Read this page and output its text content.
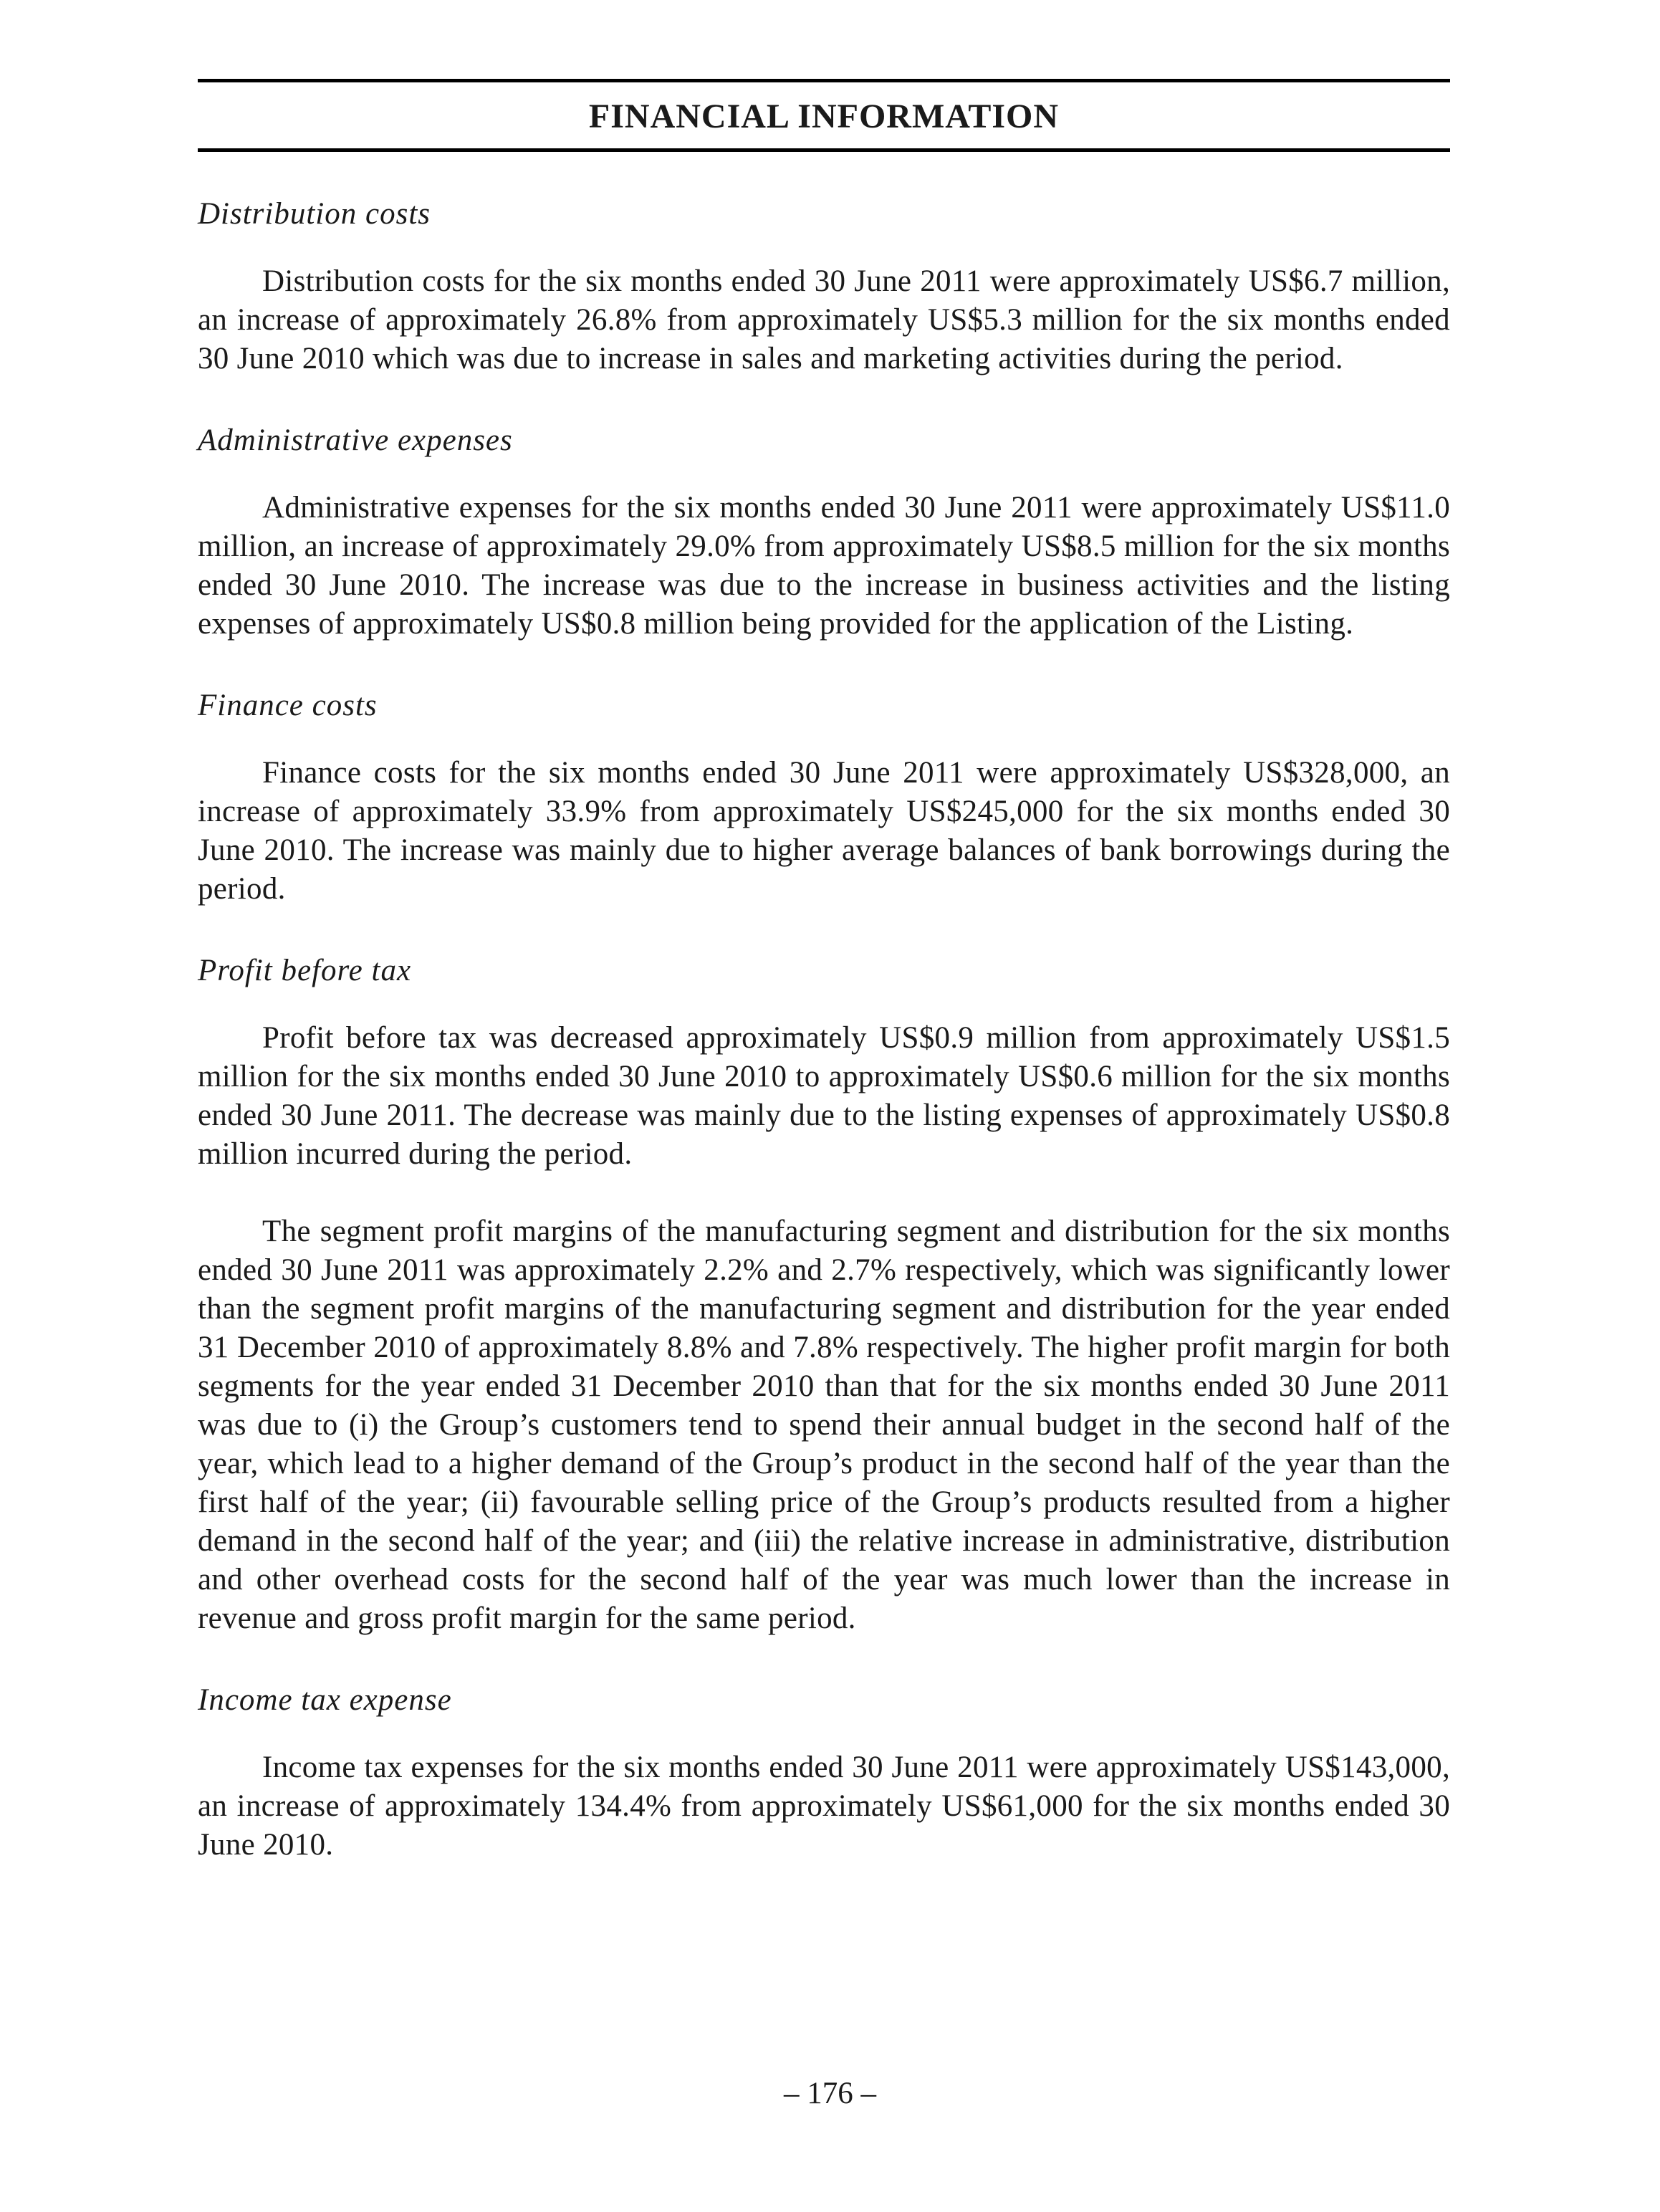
FINANCIAL INFORMATION

Distribution costs

Distribution costs for the six months ended 30 June 2011 were approximately US$6.7 million, an increase of approximately 26.8% from approximately US$5.3 million for the six months ended 30 June 2010 which was due to increase in sales and marketing activities during the period.

Administrative expenses

Administrative expenses for the six months ended 30 June 2011 were approximately US$11.0 million, an increase of approximately 29.0% from approximately US$8.5 million for the six months ended 30 June 2010. The increase was due to the increase in business activities and the listing expenses of approximately US$0.8 million being provided for the application of the Listing.

Finance costs

Finance costs for the six months ended 30 June 2011 were approximately US$328,000, an increase of approximately 33.9% from approximately US$245,000 for the six months ended 30 June 2010. The increase was mainly due to higher average balances of bank borrowings during the period.

Profit before tax

Profit before tax was decreased approximately US$0.9 million from approximately US$1.5 million for the six months ended 30 June 2010 to approximately US$0.6 million for the six months ended 30 June 2011. The decrease was mainly due to the listing expenses of approximately US$0.8 million incurred during the period.

The segment profit margins of the manufacturing segment and distribution for the six months ended 30 June 2011 was approximately 2.2% and 2.7% respectively, which was significantly lower than the segment profit margins of the manufacturing segment and distribution for the year ended 31 December 2010 of approximately 8.8% and 7.8% respectively. The higher profit margin for both segments for the year ended 31 December 2010 than that for the six months ended 30 June 2011 was due to (i) the Group’s customers tend to spend their annual budget in the second half of the year, which lead to a higher demand of the Group’s product in the second half of the year than the first half of the year; (ii) favourable selling price of the Group’s products resulted from a higher demand in the second half of the year; and (iii) the relative increase in administrative, distribution and other overhead costs for the second half of the year was much lower than the increase in revenue and gross profit margin for the same period.

Income tax expense

Income tax expenses for the six months ended 30 June 2011 were approximately US$143,000, an increase of approximately 134.4% from approximately US$61,000 for the six months ended 30 June 2010.

– 176 –
